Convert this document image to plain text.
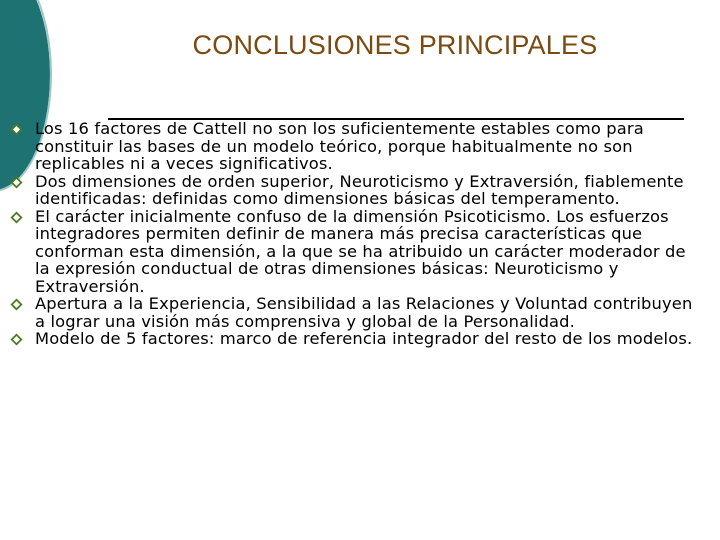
CONCLUSIONES PRINCIPALES
Los 16 factores de Cattell no son los suficientemente estables como para constituir las bases de un modelo teórico, porque habitualmente no son replicables ni a veces significativos.
Dos dimensiones de orden superior, Neuroticismo y Extraversión, fiablemente identificadas: definidas como dimensiones básicas del temperamento.
El carácter inicialmente confuso de la dimensión Psicoticismo. Los esfuerzos integradores permiten definir de manera más precisa características que conforman esta dimensión, a la que se ha atribuido un carácter moderador de la expresión conductual de otras dimensiones básicas: Neuroticismo y Extraversión.
Apertura a la Experiencia, Sensibilidad a las Relaciones y Voluntad contribuyen a lograr una visión más comprensiva y global de la Personalidad.
Modelo de 5 factores: marco de referencia integrador del resto de los modelos.
